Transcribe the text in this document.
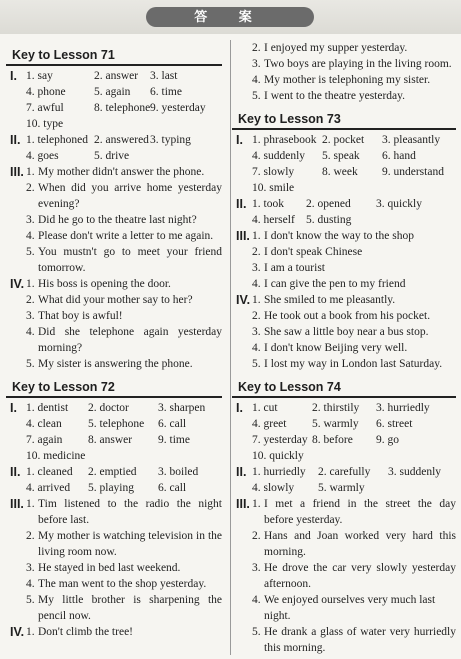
答 案
Key to Lesson 71
I. 1. say	2. answer	3. last
4. phone	5. again	6. time
7. awful	8. telephone 9. yesterday
10. type
II. 1. telephoned 2. answered 3. typing
4. goes	5. drive
III. 1. My mother didn't answer the phone.
2. When did you arrive home yesterday
evening?
3. Did he go to the theatre last night?
4. Please don't write a letter to me again.
5. You mustn't go to meet your friend
tomorrow.
IV. 1. His boss is opening the door.
2. What did your mother say to her?
3. That boy is awful!
4. Did she telephone again yesterday
morning?
5. My sister is answering the phone.
Key to Lesson 72
I. 1. dentist	2. doctor	3. sharpen
4. clean	5. telephone	6. call
7. again	8. answer	9. time
10. medicine
II. 1. cleaned	2. emptied	3. boiled
4. arrived	5. playing	6. call
III. 1. Tim listened to the radio the night
before last.
2. My mother is watching television in the
living room now.
3. He stayed in bed last weekend.
4. The man went to the shop yesterday.
5. My little brother is sharpening the
pencil now.
IV. 1. Don't climb the tree!
2. I enjoyed my supper yesterday.
3. Two boys are playing in the living room.
4. My mother is telephoning my sister.
5. I went to the theatre yesterday.
Key to Lesson 73
I. 1. phrasebook 2. pocket	3. pleasantly
4. suddenly	5. speak	6. hand
7. slowly	8. week	9. understand
10. smile
II. 1. took	2. opened	3. quickly
4. herself 5. dusting
III. 1. I don't know the way to the shop
2. I don't speak Chinese
3. I am a tourist
4. I can give the pen to my friend
IV. 1. She smiled to me pleasantly.
2. He took out a book from his pocket.
3. She saw a little boy near a bus stop.
4. I don't know Beijing very well.
5. I lost my way in London last Saturday.
Key to Lesson 74
I. 1. cut	2. thirstily	3. hurriedly
4. greet	5. warmly	6. street
7. yesterday 8. before	9. go
10. quickly
II. 1. hurriedly	2. carefully	3. suddenly
4. slowly	5. warmly
III. 1. I met a friend in the street the day
before yesterday.
2. Hans and Joan worked very hard this
morning.
3. He drove the car very slowly yesterday
afternoon.
4. We enjoyed ourselves very much last night.
5. He drank a glass of water very hurriedly
this morning.
